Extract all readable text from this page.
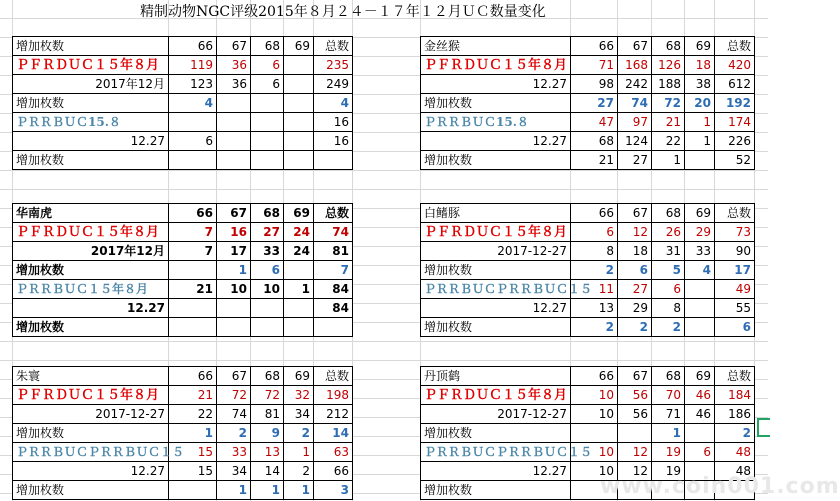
精制动物NGC评级2015年８月２４－１７年１２月ＵＣ数量变化
增加枚数	66	67	68	69	总数
ＰＦＲＤＵＣ１５年８月	119	36	6		235
2017年12月	123	36	6		249
增加枚数	4				4
ＰＲＲＢＵＣ15.８					16
12.27	6				16
增加枚数					
金丝猴	66	67	68	69	总数
ＰＦＲＤＵＣ１５年８月	71	168	126	18	420
12.27	98	242	188	38	612
增加枚数	27	74	72	20	192
ＰＲＲＢＵＣ15.８	47	97	21	1	174
12.27	68	124	22	1	226
增加枚数	21	27	1		52
华南虎	66	67	68	69	总数
ＰＦＲＤＵＣ１５年８月	7	16	27	24	74
2017年12月	7	17	33	24	81
增加枚数		1	6		7
ＰＲＲＢＵＣ１５年８月	21	10	10	1	84
12.27					84
增加枚数					
白鳍豚	66	67	68	69	总数
ＰＦＲＤＵＣ１５年８月	6	12	26	29	73
2017-12-27	8	18	31	33	90
增加枚数	2	6	5	4	17
ＰＲＲＢＵＣＰＲＲＢＵＣ１５	11	27	6		49
12.27	13	29	8		55
增加枚数	2	2	2		6
朱寰	66	67	68	69	总数
ＰＦＲＤＵＣ１５年８月	21	72	72	32	198
2017-12-27	22	74	81	34	212
增加枚数	1	2	9	2	14
ＰＲＲＢＵＣＰＲＲＢＵＣ１５	15	33	13	1	63
12.27	15	34	14	2	66
增加枚数		1	1	1	3
丹顶鹤	66	67	68	69	总数
ＰＦＲＤＵＣ１５年８月	10	56	70	46	184
2017-12-27	10	56	71	46	186
增加枚数			1		2
ＰＲＲＢＵＣＰＲＲＢＵＣ１５	10	12	19	6	48
12.27	10	12	19		48
增加枚数						www.coin001.com
